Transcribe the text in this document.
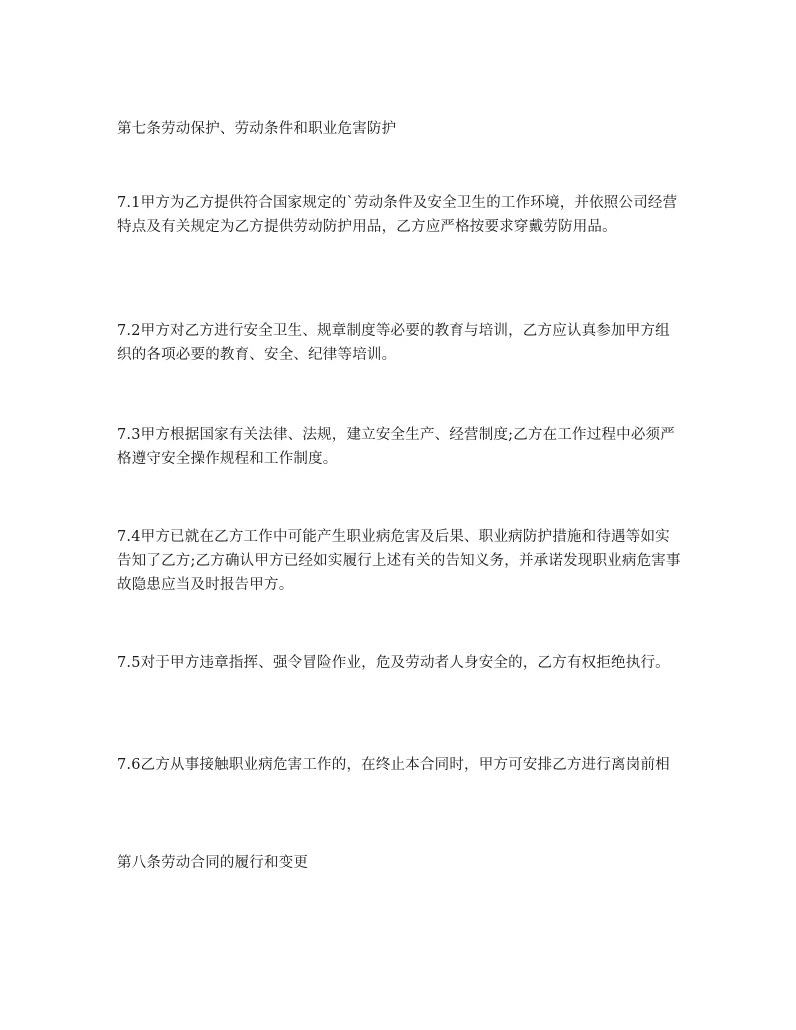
第七条劳动保护、劳动条件和职业危害防护

7.1甲方为乙方提供符合国家规定的`劳动条件及安全卫生的工作环境，并依照公司经营特点及有关规定为乙方提供劳动防护用品，乙方应严格按要求穿戴劳防用品。

7.2甲方对乙方进行安全卫生、规章制度等必要的教育与培训，乙方应认真参加甲方组织的各项必要的教育、安全、纪律等培训。

7.3甲方根据国家有关法律、法规，建立安全生产、经营制度;乙方在工作过程中必须严格遵守安全操作规程和工作制度。

7.4甲方已就在乙方工作中可能产生职业病危害及后果、职业病防护措施和待遇等如实告知了乙方;乙方确认甲方已经如实履行上述有关的告知义务，并承诺发现职业病危害事故隐患应当及时报告甲方。

7.5对于甲方违章指挥、强令冒险作业，危及劳动者人身安全的，乙方有权拒绝执行。

7.6乙方从事接触职业病危害工作的，在终止本合同时，甲方可安排乙方进行离岗前相

第八条劳动合同的履行和变更
